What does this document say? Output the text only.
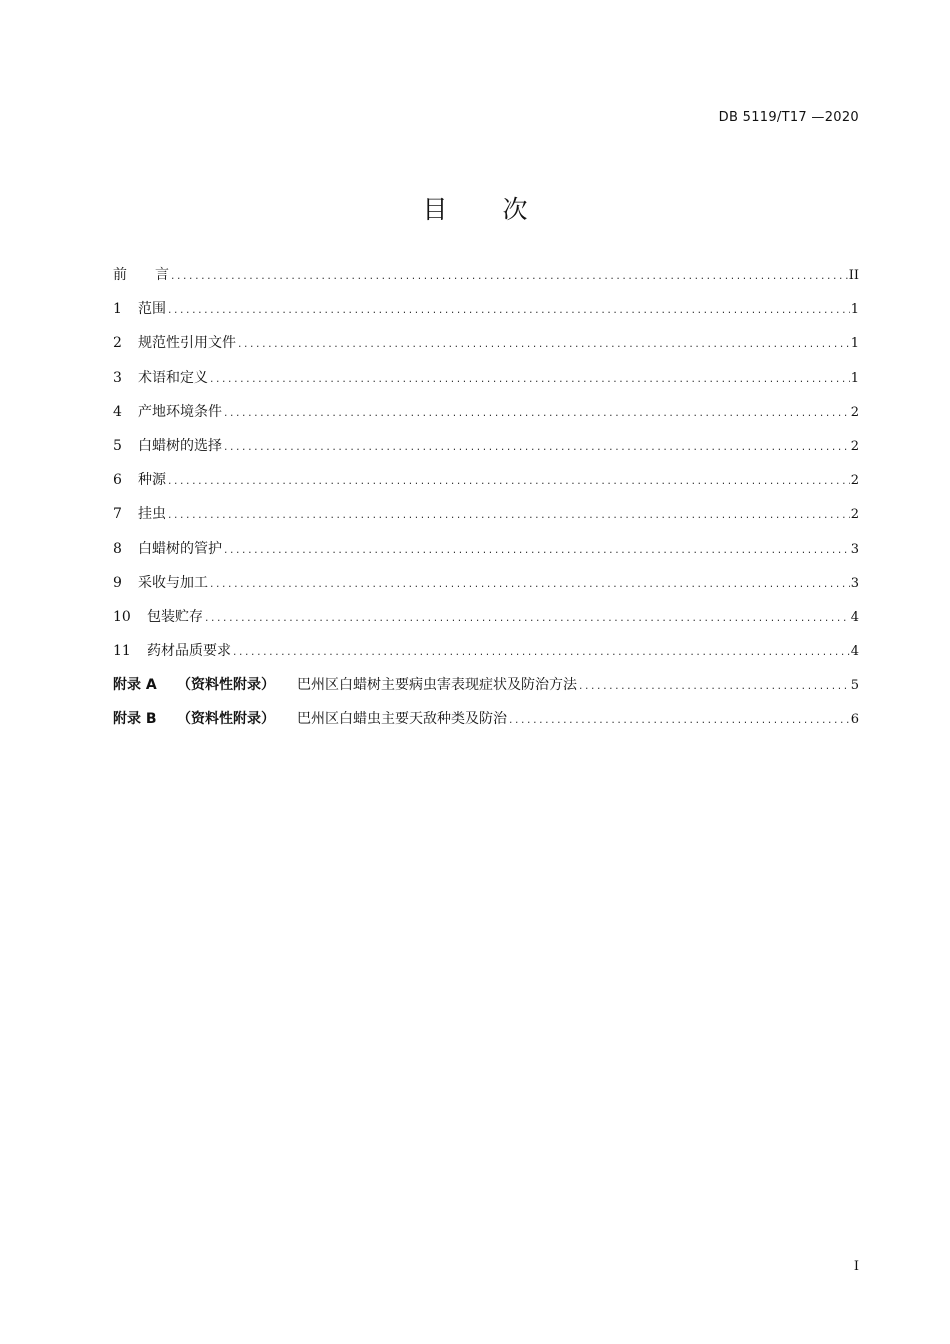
DB 5119/T17 —2020
目 次
前　　言 .....	II
1 范围 .....	1
2 规范性引用文件 .....	1
3 术语和定义 .....	1
4 产地环境条件 .....	2
5 白蜡树的选择 .....	2
6 种源 .....	2
7 挂虫 .....	2
8 白蜡树的管护 .....	3
9 采收与加工 .....	3
10 包装贮存 .....	4
11 药材品质要求 .....	4
附录 A （资料性附录） 巴州区白蜡树主要病虫害表现症状及防治方法 .....	5
附录 B （资料性附录） 巴州区白蜡虫主要天敌种类及防治 .....	6
I
